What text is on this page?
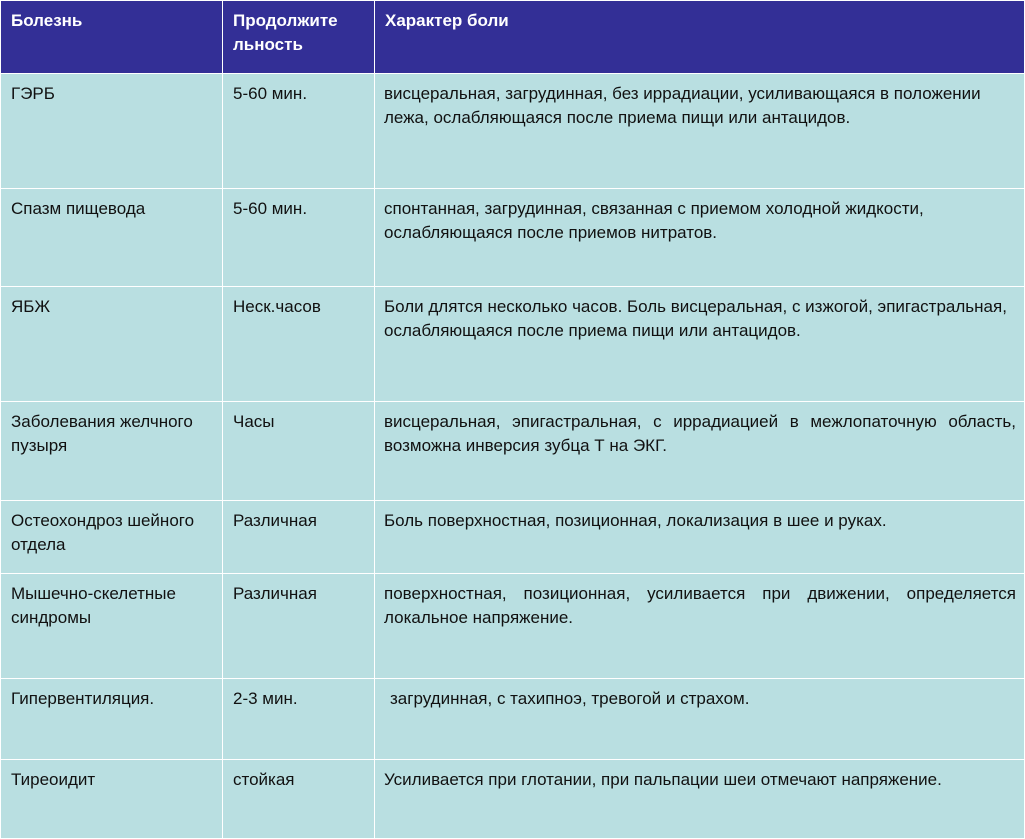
Болезнь	Продолжите льность	Характер боли
ГЭРБ	5-60 мин.	висцеральная, загрудинная, без иррадиации, усиливающаяся в положении лежа, ослабляющаяся после приема пищи или антацидов.
Спазм пищевода	5-60 мин.	спонтанная, загрудинная, связанная с приемом холодной жидкости, ослабляющаяся после приемов нитратов.
ЯБЖ	Неск.часов	Боли длятся несколько часов. Боль висцеральная, с изжогой, эпигастральная, ослабляющаяся после приема пищи или антацидов.
Заболевания желчного пузыря	Часы	висцеральная, эпигастральная, с иррадиацией в межлопаточную область, возможна инверсия зубца Т на ЭКГ.
Остеохондроз шейного отдела	Различная	Боль поверхностная, позиционная, локализация в шее и руках.
Мышечно-скелетные синдромы	Различная	поверхностная, позиционная, усиливается при движении, определяется локальное напряжение.
Гипервентиляция.	2-3 мин.	загрудинная, с тахипноэ, тревогой и страхом.
Тиреоидит	стойкая	Усиливается при глотании, при пальпации шеи отмечают напряжение.
